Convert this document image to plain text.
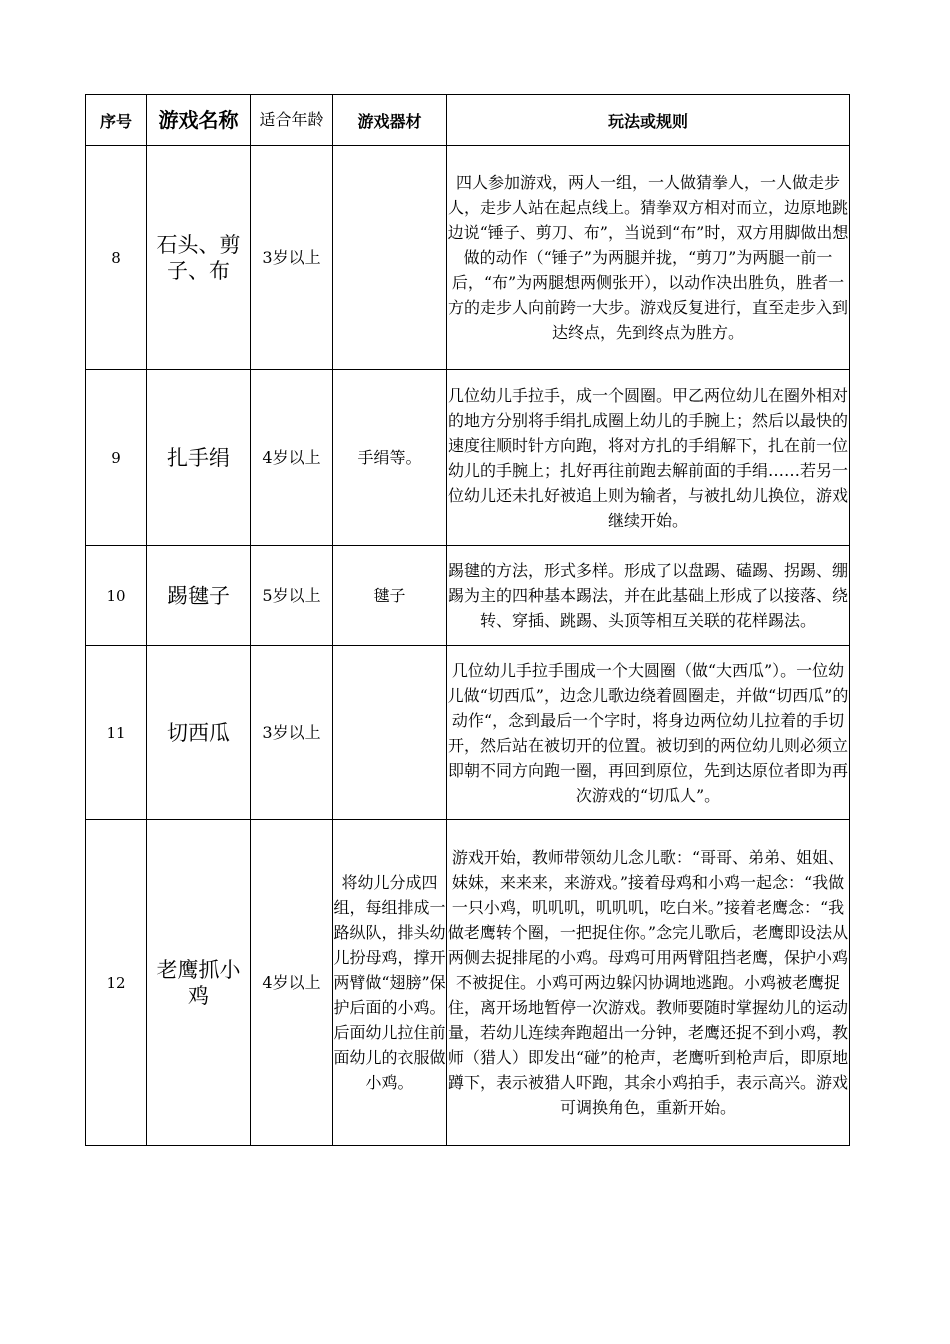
序号	游戏名称	适合年龄	游戏器材	玩法或规则
8	石头、剪子、布	3岁以上		四人参加游戏，两人一组，一人做猜拳人，一人做走步人，走步人站在起点线上。猜拳双方相对而立，边原地跳边说“锤子、剪刀、布”，当说到“布”时，双方用脚做出想做的动作（“锤子”为两腿并拢，“剪刀”为两腿一前一后，“布”为两腿想两侧张开），以动作决出胜负，胜者一方的走步人向前跨一大步。游戏反复进行，直至走步入到达终点，先到终点为胜方。
9	扎手绢	4岁以上	手绢等。	几位幼儿手拉手，成一个圆圈。甲乙两位幼儿在圈外相对的地方分别将手绢扎成圈上幼儿的手腕上；然后以最快的速度往顺时针方向跑，将对方扎的手绢解下，扎在前一位幼儿的手腕上；扎好再往前跑去解前面的手绢……若另一位幼儿还未扎好被追上则为输者，与被扎幼儿换位，游戏继续开始。
10	踢毽子	5岁以上	毽子	踢毽的方法，形式多样。形成了以盘踢、磕踢、拐踢、绷踢为主的四种基本踢法，并在此基础上形成了以接落、绕转、穿插、跳踢、头顶等相互关联的花样踢法。
11	切西瓜	3岁以上		几位幼儿手拉手围成一个大圆圈（做“大西瓜”）。一位幼儿做“切西瓜”，边念儿歌边绕着圆圈走，并做“切西瓜”的动作“，念到最后一个字时，将身边两位幼儿拉着的手切开，然后站在被切开的位置。被切到的两位幼儿则必须立即朝不同方向跑一圈，再回到原位，先到达原位者即为再次游戏的“切瓜人”。
12	老鹰抓小鸡	4岁以上	将幼儿分成四组，每组排成一路纵队，排头幼儿扮母鸡，撑开两臂做“翅膀”保护后面的小鸡。后面幼儿拉住前面幼儿的衣服做小鸡。	游戏开始，教师带领幼儿念儿歌：“哥哥、弟弟、姐姐、妹妹，来来来，来游戏。”接着母鸡和小鸡一起念：“我做一只小鸡，叽叽叽，叽叽叽，吃白米。”接着老鹰念：“我做老鹰转个圈，一把捉住你。”念完儿歌后，老鹰即设法从两侧去捉排尾的小鸡。母鸡可用两臂阻挡老鹰，保护小鸡不被捉住。小鸡可两边躲闪协调地逃跑。小鸡被老鹰捉住，离开场地暂停一次游戏。教师要随时掌握幼儿的运动量，若幼儿连续奔跑超出一分钟，老鹰还捉不到小鸡，教师（猎人）即发出“碰”的枪声，老鹰听到枪声后，即原地蹲下，表示被猎人吓跑，其余小鸡拍手，表示高兴。游戏可调换角色，重新开始。
